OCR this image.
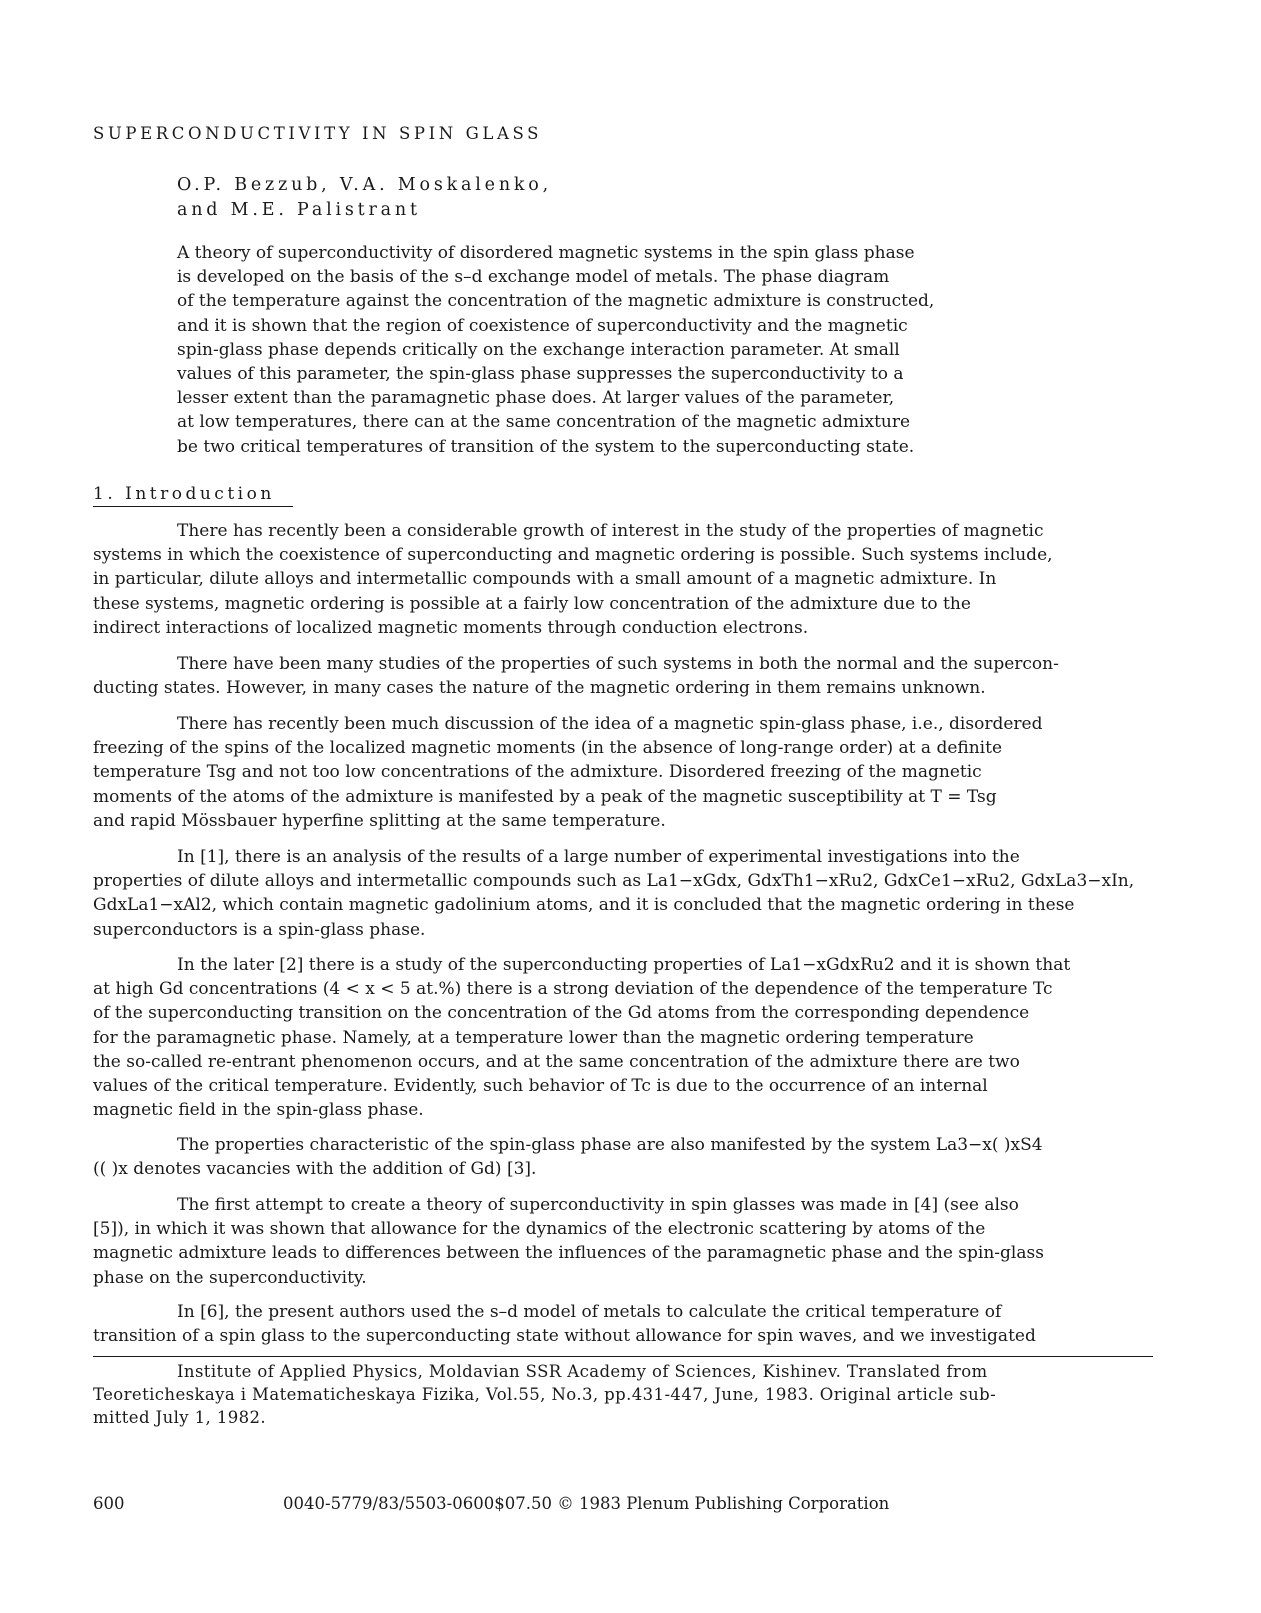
SUPERCONDUCTIVITY IN SPIN GLASS
O.P. Bezzub, V.A. Moskalenko,
and M.E. Palistrant
A theory of superconductivity of disordered magnetic systems in the spin glass phase
is developed on the basis of the s–d exchange model of metals. The phase diagram
of the temperature against the concentration of the magnetic admixture is constructed,
and it is shown that the region of coexistence of superconductivity and the magnetic
spin-glass phase depends critically on the exchange interaction parameter. At small
values of this parameter, the spin-glass phase suppresses the superconductivity to a
lesser extent than the paramagnetic phase does. At larger values of the parameter,
at low temperatures, there can at the same concentration of the magnetic admixture
be two critical temperatures of transition of the system to the superconducting state.
1. Introduction
There has recently been a considerable growth of interest in the study of the properties of magnetic
systems in which the coexistence of superconducting and magnetic ordering is possible. Such systems include,
in particular, dilute alloys and intermetallic compounds with a small amount of a magnetic admixture. In
these systems, magnetic ordering is possible at a fairly low concentration of the admixture due to the
indirect interactions of localized magnetic moments through conduction electrons.
There have been many studies of the properties of such systems in both the normal and the supercon-
ducting states. However, in many cases the nature of the magnetic ordering in them remains unknown.
There has recently been much discussion of the idea of a magnetic spin-glass phase, i.e., disordered
freezing of the spins of the localized magnetic moments (in the absence of long-range order) at a definite
temperature Tsg and not too low concentrations of the admixture. Disordered freezing of the magnetic
moments of the atoms of the admixture is manifested by a peak of the magnetic susceptibility at T = Tsg
and rapid Mössbauer hyperfine splitting at the same temperature.
In [1], there is an analysis of the results of a large number of experimental investigations into the
properties of dilute alloys and intermetallic compounds such as La1−xGdx, GdxTh1−xRu2, GdxCe1−xRu2, GdxLa3−xIn,
GdxLa1−xAl2, which contain magnetic gadolinium atoms, and it is concluded that the magnetic ordering in these
superconductors is a spin-glass phase.
In the later [2] there is a study of the superconducting properties of La1−xGdxRu2 and it is shown that
at high Gd concentrations (4 < x < 5 at.%) there is a strong deviation of the dependence of the temperature Tc
of the superconducting transition on the concentration of the Gd atoms from the corresponding dependence
for the paramagnetic phase. Namely, at a temperature lower than the magnetic ordering temperature
the so-called re-entrant phenomenon occurs, and at the same concentration of the admixture there are two
values of the critical temperature. Evidently, such behavior of Tc is due to the occurrence of an internal
magnetic field in the spin-glass phase.
The properties characteristic of the spin-glass phase are also manifested by the system La3−x( )xS4
(( )x denotes vacancies with the addition of Gd) [3].
The first attempt to create a theory of superconductivity in spin glasses was made in [4] (see also
[5]), in which it was shown that allowance for the dynamics of the electronic scattering by atoms of the
magnetic admixture leads to differences between the influences of the paramagnetic phase and the spin-glass
phase on the superconductivity.
In [6], the present authors used the s–d model of metals to calculate the critical temperature of
transition of a spin glass to the superconducting state without allowance for spin waves, and we investigated
Institute of Applied Physics, Moldavian SSR Academy of Sciences, Kishinev. Translated from
Teoreticheskaya i Matematicheskaya Fizika, Vol.55, No.3, pp.431-447, June, 1983. Original article sub-
mitted July 1, 1982.
600	0040-5779/83/5503-0600$07.50 © 1983 Plenum Publishing Corporation
